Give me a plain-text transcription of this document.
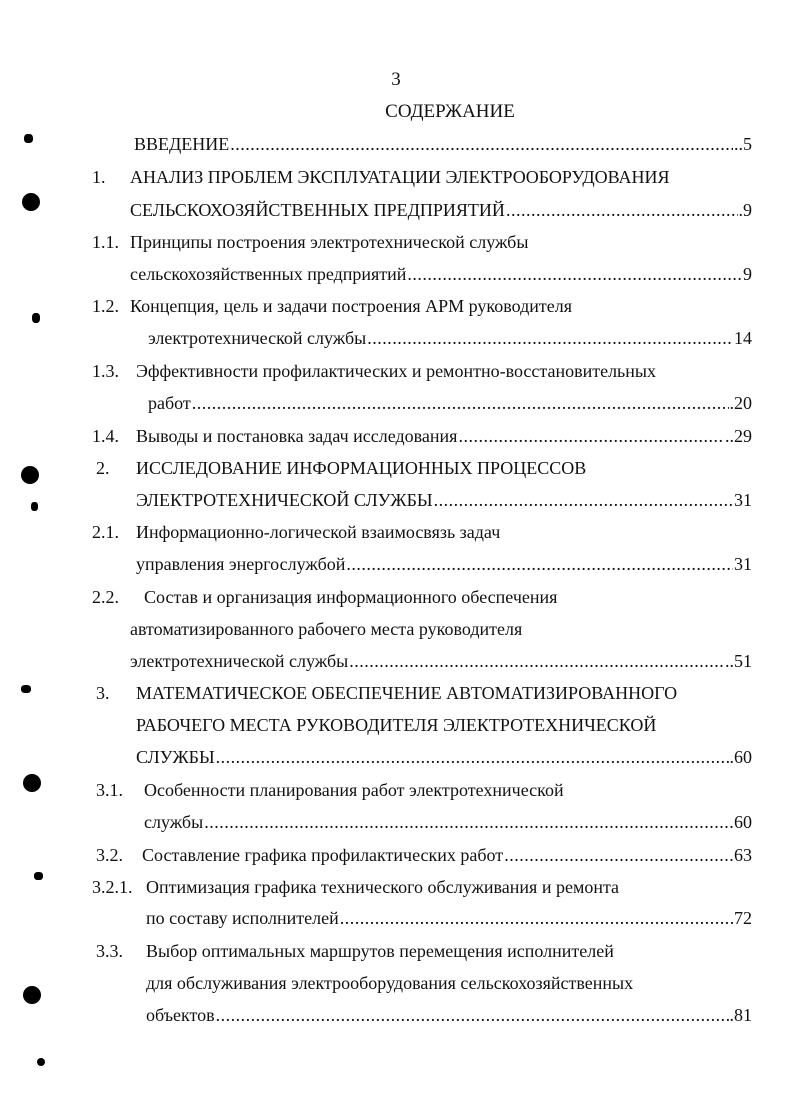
3
СОДЕРЖАНИЕ
ВВЕДЕНИЕ .....	..5
1. АНАЛИЗ ПРОБЛЕМ ЭКСПЛУАТАЦИИ ЭЛЕКТРООБОРУДОВАНИЯ
СЕЛЬСКОХОЗЯЙСТВЕННЫХ ПРЕДПРИЯТИЙ .....	.9
1.1. Принципы построения электротехнической службы
сельскохозяйственных предприятий .....	9
1.2. Концепция, цель и задачи построения АРМ руководителя
электротехнической службы .....	14
1.3. Эффективности профилактических и ремонтно-восстановительных
работ .....	.20
1.4. Выводы и постановка задач исследования .....	..29
2. ИССЛЕДОВАНИЕ ИНФОРМАЦИОННЫХ ПРОЦЕССОВ
ЭЛЕКТРОТЕХНИЧЕСКОЙ СЛУЖБЫ .....	31
2.1. Информационно-логической взаимосвязь задач
управления энергослужбой .....	31
2.2. Состав и организация информационного обеспечения
автоматизированного рабочего места руководителя
электротехнической службы .....	..51
3. МАТЕМАТИЧЕСКОЕ ОБЕСПЕЧЕНИЕ АВТОМАТИЗИРОВАННОГО
РАБОЧЕГО МЕСТА РУКОВОДИТЕЛЯ ЭЛЕКТРОТЕХНИЧЕСКОЙ
СЛУЖБЫ .....	.60
3.1. Особенности планирования работ электротехнической
службы .....	60
3.2. Составление графика профилактических работ .....	63
3.2.1. Оптимизация графика технического обслуживания и ремонта
по составу исполнителей .....	72
3.3. Выбор оптимальных маршрутов перемещения исполнителей
для обслуживания электрооборудования сельскохозяйственных
объектов .....	.81
